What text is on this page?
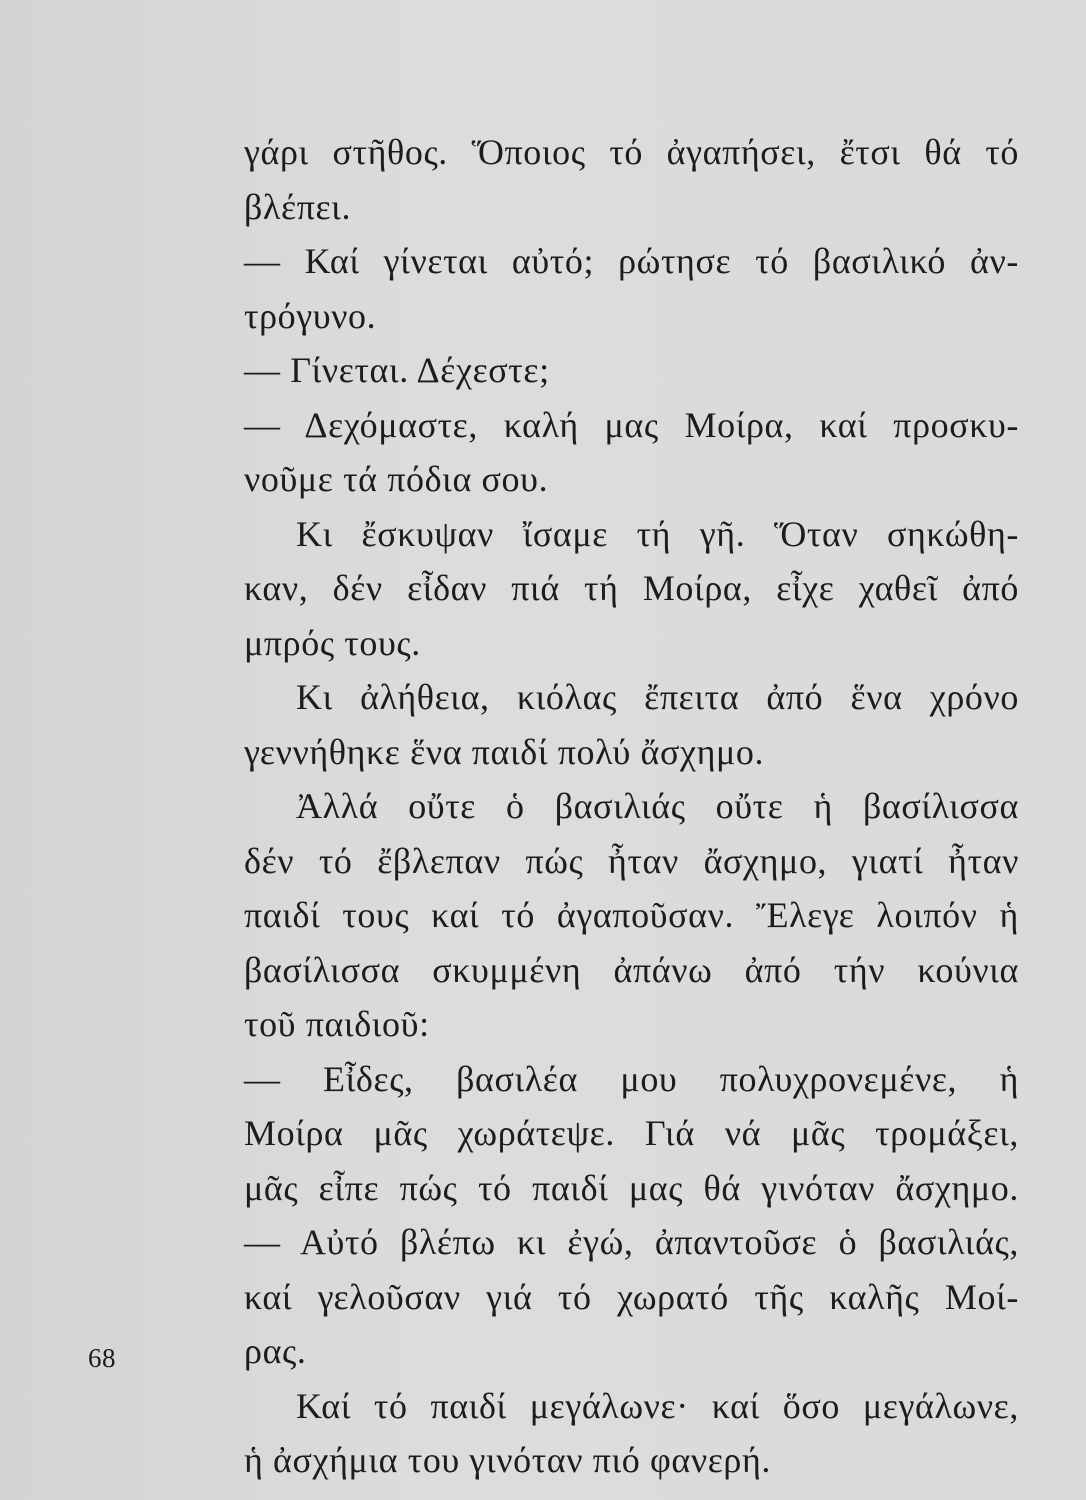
γάρι στῆθος. Ὅποιος τό ἀγαπήσει, ἔτσι θά τό
βλέπει.
— Καί γίνεται αὐτό; ρώτησε τό βασιλικό ἀν-
τρόγυνο.
— Γίνεται. Δέχεστε;
— Δεχόμαστε, καλή μας Μοίρα, καί προσκυ-
νοῦμε τά πόδια σου.
Κι ἔσκυψαν ἴσαμε τή γῆ. Ὅταν σηκώθη-
καν, δέν εἶδαν πιά τή Μοίρα, εἶχε χαθεῖ ἀπό
μπρός τους.
Κι ἀλήθεια, κιόλας ἔπειτα ἀπό ἕνα χρόνο
γεννήθηκε ἕνα παιδί πολύ ἄσχημο.
Ἀλλά οὔτε ὁ βασιλιάς οὔτε ἡ βασίλισσα
δέν τό ἔβλεπαν πώς ἦταν ἄσχημο, γιατί ἦταν
παιδί τους καί τό ἀγαποῦσαν. Ἔλεγε λοιπόν ἡ
βασίλισσα σκυμμένη ἀπάνω ἀπό τήν κούνια
τοῦ παιδιοῦ:
— Εἶδες, βασιλέα μου πολυχρονεμένε, ἡ
Μοίρα μᾶς χωράτεψε. Γιά νά μᾶς τρομάξει,
μᾶς εἶπε πώς τό παιδί μας θά γινόταν ἄσχημο.
— Αὐτό βλέπω κι ἐγώ, ἀπαντοῦσε ὁ βασιλιάς,
καί γελοῦσαν γιά τό χωρατό τῆς καλῆς Μοί-
ρας.
Καί τό παιδί μεγάλωνε· καί ὅσο μεγάλωνε,
ἡ ἀσχήμια του γινόταν πιό φανερή.
68
